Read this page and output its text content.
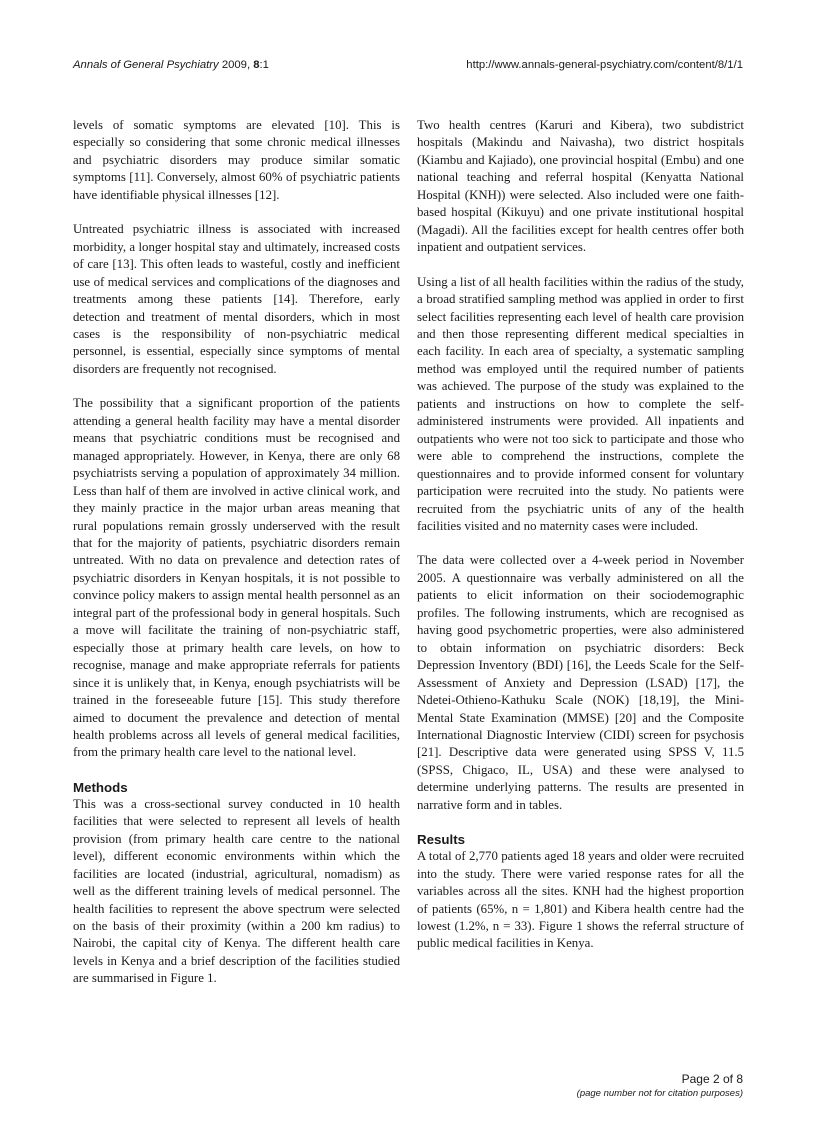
Annals of General Psychiatry 2009, 8:1	http://www.annals-general-psychiatry.com/content/8/1/1

levels of somatic symptoms are elevated [10]. This is especially so considering that some chronic medical illnesses and psychiatric disorders may produce similar somatic symptoms [11]. Conversely, almost 60% of psychiatric patients have identifiable physical illnesses [12].

Untreated psychiatric illness is associated with increased morbidity, a longer hospital stay and ultimately, increased costs of care [13]. This often leads to wasteful, costly and inefficient use of medical services and complications of the diagnoses and treatments among these patients [14]. Therefore, early detection and treatment of mental disorders, which in most cases is the responsibility of non-psychiatric medical personnel, is essential, especially since symptoms of mental disorders are frequently not recognised.

The possibility that a significant proportion of the patients attending a general health facility may have a mental disorder means that psychiatric conditions must be recognised and managed appropriately. However, in Kenya, there are only 68 psychiatrists serving a population of approximately 34 million. Less than half of them are involved in active clinical work, and they mainly practice in the major urban areas meaning that rural populations remain grossly underserved with the result that for the majority of patients, psychiatric disorders remain untreated. With no data on prevalence and detection rates of psychiatric disorders in Kenyan hospitals, it is not possible to convince policy makers to assign mental health personnel as an integral part of the professional body in general hospitals. Such a move will facilitate the training of non-psychiatric staff, especially those at primary health care levels, on how to recognise, manage and make appropriate referrals for patients since it is unlikely that, in Kenya, enough psychiatrists will be trained in the foreseeable future [15]. This study therefore aimed to document the prevalence and detection of mental health problems across all levels of general medical facilities, from the primary health care level to the national level.

Methods

This was a cross-sectional survey conducted in 10 health facilities that were selected to represent all levels of health provision (from primary health care centre to the national level), different economic environments within which the facilities are located (industrial, agricultural, nomadism) as well as the different training levels of medical personnel. The health facilities to represent the above spectrum were selected on the basis of their proximity (within a 200 km radius) to Nairobi, the capital city of Kenya. The different health care levels in Kenya and a brief description of the facilities studied are summarised in Figure 1.

Two health centres (Karuri and Kibera), two subdistrict hospitals (Makindu and Naivasha), two district hospitals (Kiambu and Kajiado), one provincial hospital (Embu) and one national teaching and referral hospital (Kenyatta National Hospital (KNH)) were selected. Also included were one faith-based hospital (Kikuyu) and one private institutional hospital (Magadi). All the facilities except for health centres offer both inpatient and outpatient services.

Using a list of all health facilities within the radius of the study, a broad stratified sampling method was applied in order to first select facilities representing each level of health care provision and then those representing different medical specialties in each facility. In each area of specialty, a systematic sampling method was employed until the required number of patients was achieved. The purpose of the study was explained to the patients and instructions on how to complete the self-administered instruments were provided. All inpatients and outpatients who were not too sick to participate and those who were able to comprehend the instructions, complete the questionnaires and to provide informed consent for voluntary participation were recruited into the study. No patients were recruited from the psychiatric units of any of the health facilities visited and no maternity cases were included.

The data were collected over a 4-week period in November 2005. A questionnaire was verbally administered on all the patients to elicit information on their sociodemographic profiles. The following instruments, which are recognised as having good psychometric properties, were also administered to obtain information on psychiatric disorders: Beck Depression Inventory (BDI) [16], the Leeds Scale for the Self-Assessment of Anxiety and Depression (LSAD) [17], the Ndetei-Othieno-Kathuku Scale (NOK) [18,19], the Mini-Mental State Examination (MMSE) [20] and the Composite International Diagnostic Interview (CIDI) screen for psychosis [21]. Descriptive data were generated using SPSS V, 11.5 (SPSS, Chigaco, IL, USA) and these were analysed to determine underlying patterns. The results are presented in narrative form and in tables.

Results

A total of 2,770 patients aged 18 years and older were recruited into the study. There were varied response rates for all the variables across all the sites. KNH had the highest proportion of patients (65%, n = 1,801) and Kibera health centre had the lowest (1.2%, n = 33). Figure 1 shows the referral structure of public medical facilities in Kenya.

Page 2 of 8
(page number not for citation purposes)
